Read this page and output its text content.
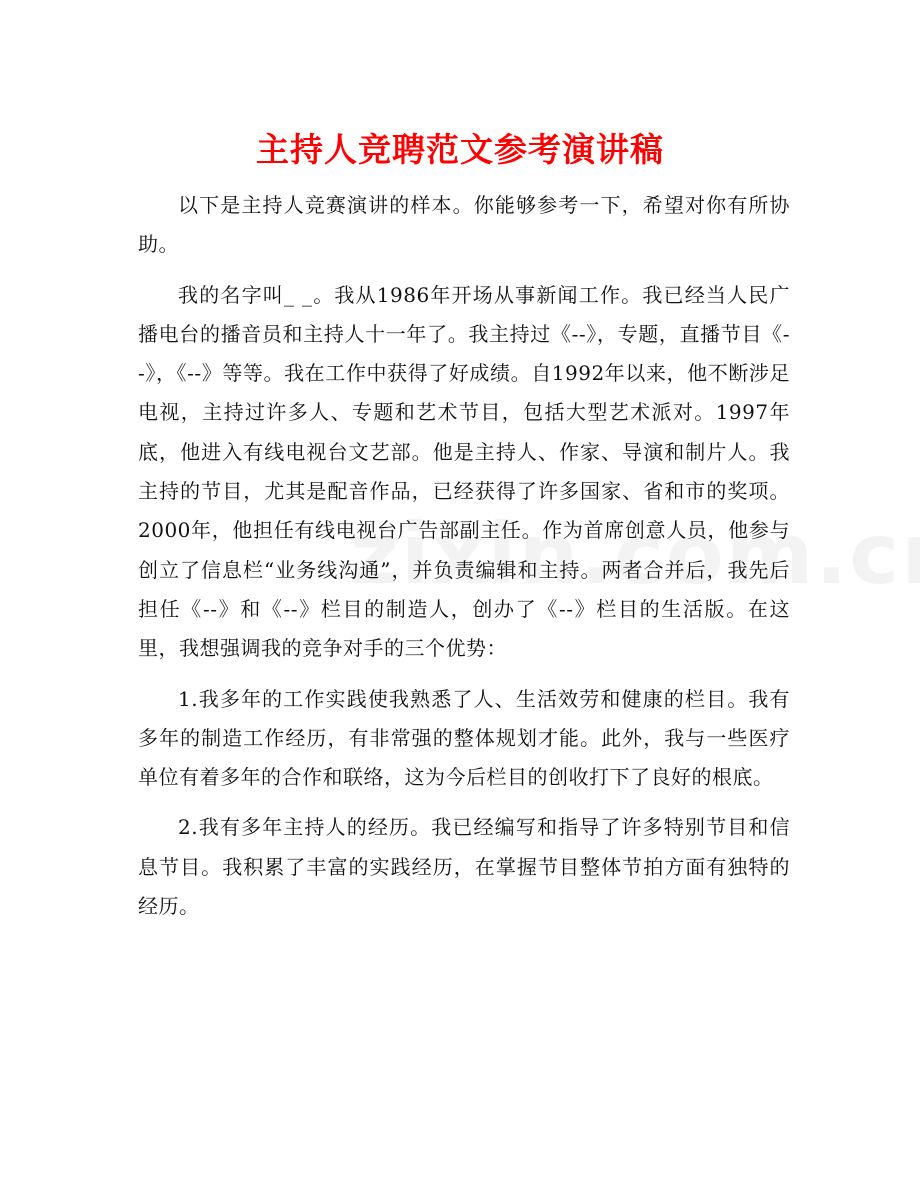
主持人竞聘范文参考演讲稿

以下是主持人竞赛演讲的样本。你能够参考一下，希望对你有所协助。

我的名字叫_ _。我从1986年开场从事新闻工作。我已经当人民广播电台的播音员和主持人十一年了。我主持过《--》，专题，直播节目《--》，《--》等等。我在工作中获得了好成绩。自1992年以来，他不断涉足电视，主持过许多人、专题和艺术节目，包括大型艺术派对。1997年底，他进入有线电视台文艺部。他是主持人、作家、导演和制片人。我主持的节目，尤其是配音作品，已经获得了许多国家、省和市的奖项。2000年，他担任有线电视台广告部副主任。作为首席创意人员，他参与创立了信息栏“业务线沟通”，并负责编辑和主持。两者合并后，我先后担任《--》和《--》栏目的制造人，创办了《--》栏目的生活版。在这里，我想强调我的竞争对手的三个优势：

1.我多年的工作实践使我熟悉了人、生活效劳和健康的栏目。我有多年的制造工作经历，有非常强的整体规划才能。此外，我与一些医疗单位有着多年的合作和联络，这为今后栏目的创收打下了良好的根底。

2.我有多年主持人的经历。我已经编写和指导了许多特别节目和信息节目。我积累了丰富的实践经历，在掌握节目整体节拍方面有独特的经历。
